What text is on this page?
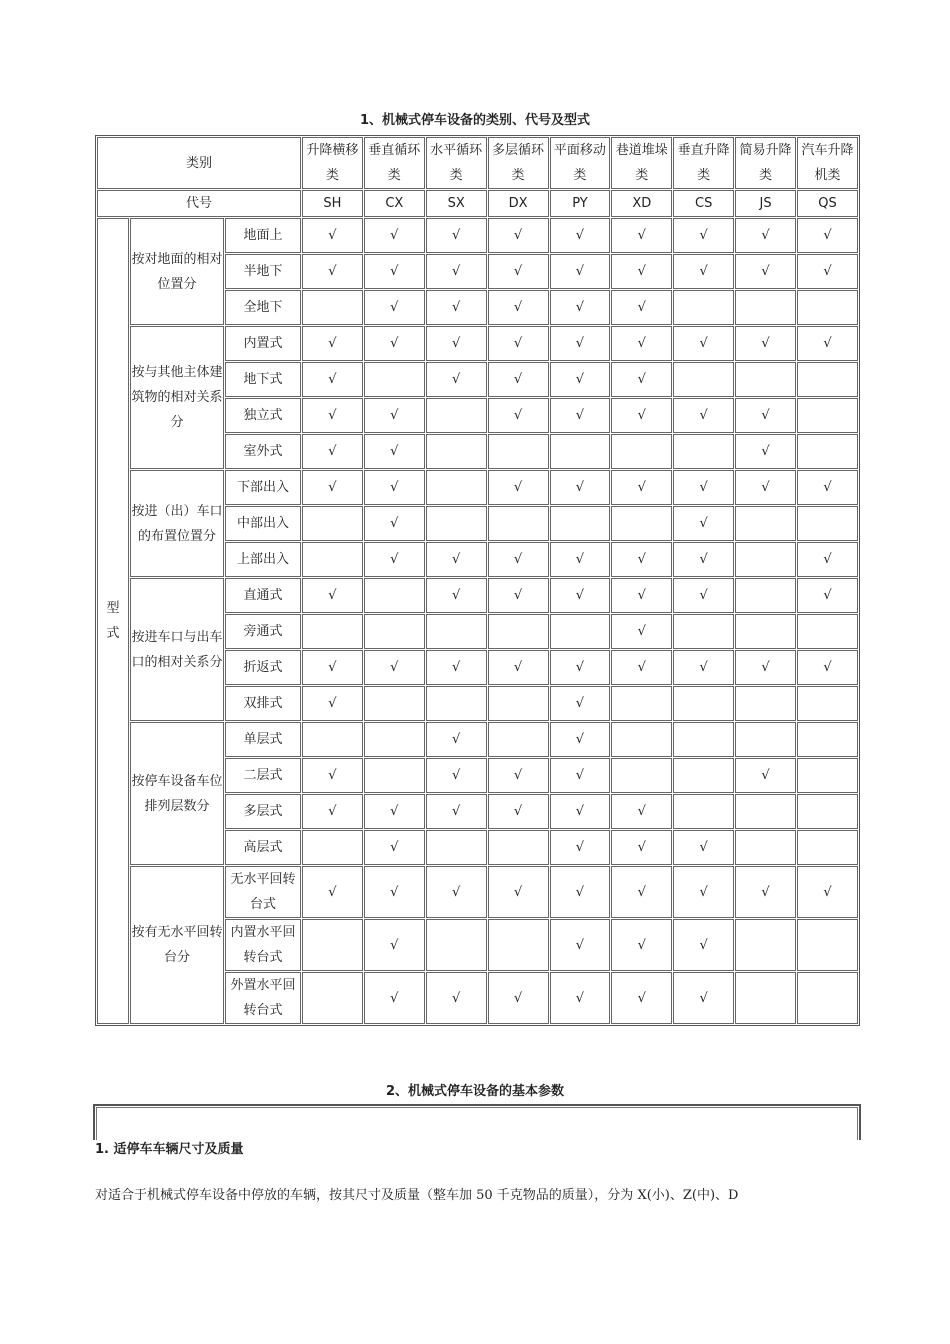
1、机械式停车设备的类别、代号及型式
类别			升降横移类	垂直循环类	水平循环类	多层循环类	平面移动类	巷道堆垛类	垂直升降类	简易升降类	汽车升降机类
代号			SH	CX	SX	DX	PY	XD	CS	JS	QS

型
式	按对地面的相对位置分	地面上	√	√	√	√	√	√	√	√	√
		半地下	√	√	√	√	√	√	√	√	√
		全地下		√	√	√	√	√			
	按与其他主体建筑物的相对关系分	内置式	√	√	√	√	√	√	√	√	√
		地下式	√		√	√	√	√			
		独立式	√	√		√	√	√	√	√	
		室外式	√	√						√	
	按进（出）车口的布置位置分	下部出入	√	√		√	√	√	√	√	√
		中部出入		√					√		
		上部出入		√	√	√	√	√	√		√
	按进车口与出车口的相对关系分	直通式	√		√	√	√	√	√		√
		旁通式						√			
		折返式	√	√	√	√	√	√	√	√	√
		双排式	√				√				
	按停车设备车位排列层数分	单层式			√		√				
		二层式	√		√	√	√			√	
		多层式	√	√	√	√	√	√			
		高层式		√			√	√	√		
	按有无水平回转台分	无水平回转台式	√	√	√	√	√	√	√	√	√
		内置水平回转台式		√			√	√	√		
		外置水平回转台式		√	√	√	√	√	√		
2、机械式停车设备的基本参数
1. 适停车车辆尺寸及质量
对适合于机械式停车设备中停放的车辆，按其尺寸及质量（整车加 50 千克物品的质量），分为 X(小)、Z(中)、D
